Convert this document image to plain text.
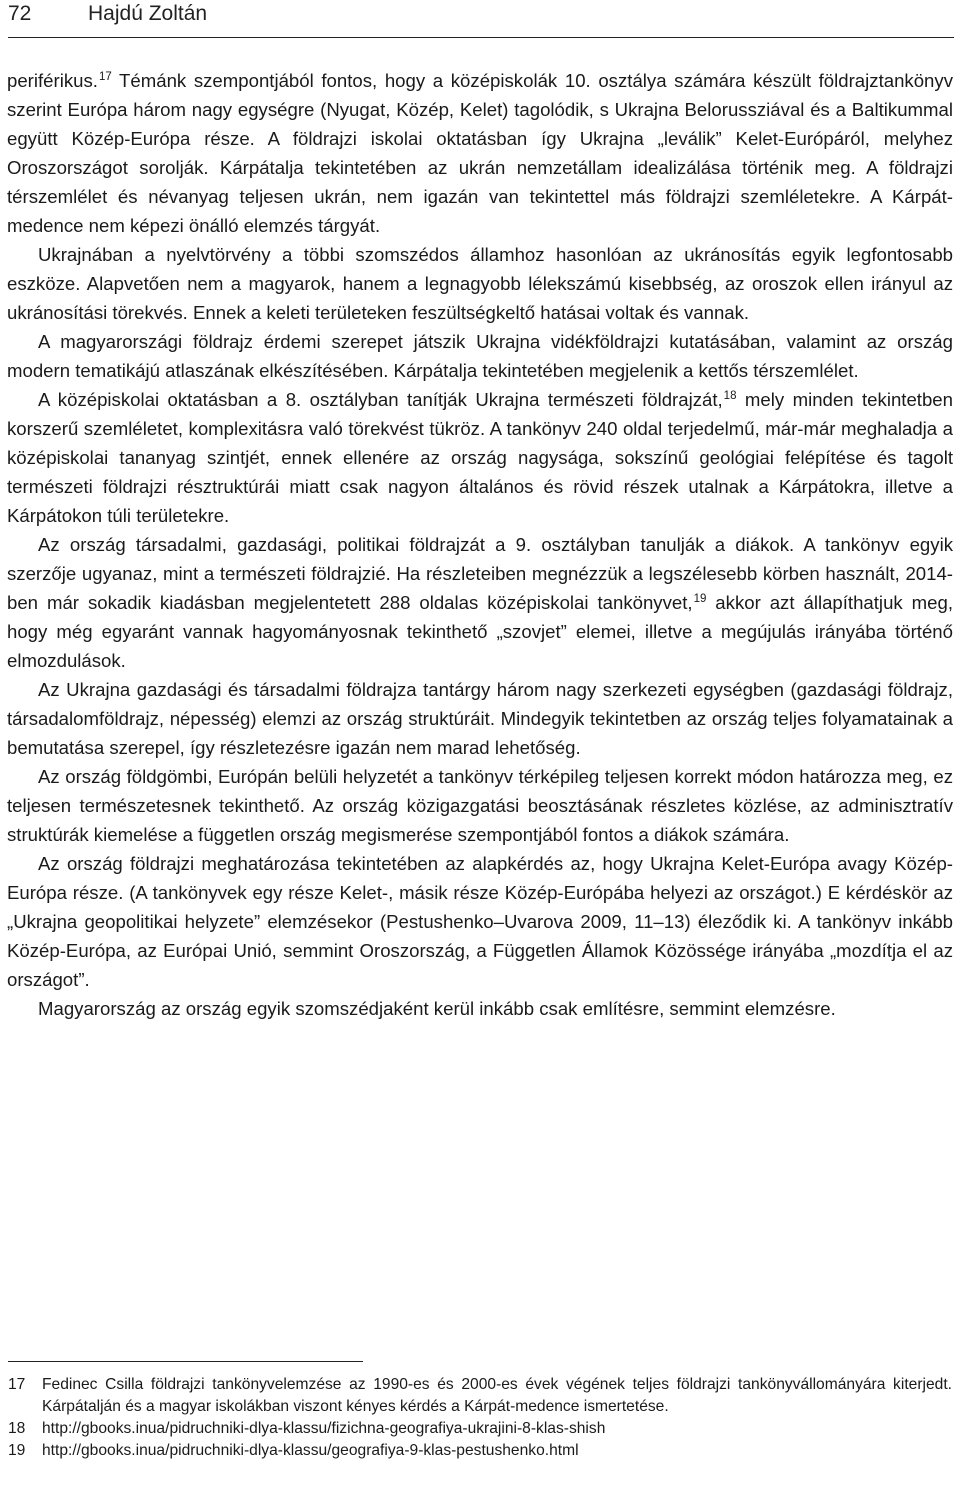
72	Hajdú Zoltán

periférikus.$^{17}$ Témánk szempontjából fontos, hogy a középiskolák 10. osztálya számára készült földrajztankönyv szerint Európa három nagy egységre (Nyugat, Közép, Kelet) tagolódik, s Ukrajna Belorussziával és a Baltikummal együtt Közép-Európa része. A földrajzi iskolai oktatásban így Ukrajna „leválik” Kelet-Európáról, melyhez Oroszországot sorolják. Kárpátalja tekintetében az ukrán nemzetállam idealizálása történik meg. A földrajzi térszemlélet és névanyag teljesen ukrán, nem igazán van tekintettel más földrajzi szemléletekre. A Kárpát-medence nem képezi önálló elemzés tárgyát.

Ukrajnában a nyelvtörvény a többi szomszédos államhoz hasonlóan az ukránosítás egyik legfontosabb eszköze. Alapvetően nem a magyarok, hanem a legnagyobb lélekszámú kisebbség, az oroszok ellen irányul az ukránosítási törekvés. Ennek a keleti területeken feszültségkeltő hatásai voltak és vannak.

A magyarországi földrajz érdemi szerepet játszik Ukrajna vidékföldrajzi kutatásában, valamint az ország modern tematikájú atlaszának elkészítésében. Kárpátalja tekintetében megjelenik a kettős térszemlélet.

A középiskolai oktatásban a 8. osztályban tanítják Ukrajna természeti földrajzát,$^{18}$ mely minden tekintetben korszerű szemléletet, komplexitásra való törekvést tükröz. A tankönyv 240 oldal terjedelmű, már-már meghaladja a középiskolai tananyag szintjét, ennek ellenére az ország nagysága, sokszínű geológiai felépítése és tagolt természeti földrajzi résztruktúrái miatt csak nagyon általános és rövid részek utalnak a Kárpátokra, illetve a Kárpátokon túli területekre.

Az ország társadalmi, gazdasági, politikai földrajzát a 9. osztályban tanulják a diákok. A tankönyv egyik szerzője ugyanaz, mint a természeti földrajzié. Ha részleteiben megnézzük a legszélesebb körben használt, 2014-ben már sokadik kiadásban megjelentetett 288 oldalas középiskolai tankönyvet,$^{19}$ akkor azt állapíthatjuk meg, hogy még egyaránt vannak hagyományosnak tekinthető „szovjet” elemei, illetve a megújulás irányába történő elmozdulások.

Az Ukrajna gazdasági és társadalmi földrajza tantárgy három nagy szerkezeti egységben (gazdasági földrajz, társadalomföldrajz, népesség) elemzi az ország struktúráit. Mindegyik tekintetben az ország teljes folyamatainak a bemutatása szerepel, így részletezésre igazán nem marad lehetőség.

Az ország földgömbi, Európán belüli helyzetét a tankönyv térképileg teljesen korrekt módon határozza meg, ez teljesen természetesnek tekinthető. Az ország közigazgatási beosztásának részletes közlése, az adminisztratív struktúrák kiemelése a független ország megismerése szempontjából fontos a diákok számára.

Az ország földrajzi meghatározása tekintetében az alapkérdés az, hogy Ukrajna Kelet-Európa avagy Közép-Európa része. (A tankönyvek egy része Kelet-, másik része Közép-Európába helyezi az országot.) E kérdéskör az „Ukrajna geopolitikai helyzete” elemzésekor (Pestushenko–Uvarova 2009, 11–13) éleződik ki. A tankönyv inkább Közép-Európa, az Európai Unió, semmint Oroszország, a Független Államok Közössége irányába „mozdítja el az országot”.

Magyarország az ország egyik szomszédjaként kerül inkább csak említésre, semmint elemzésre.

17	Fedinec Csilla földrajzi tankönyvelemzése az 1990-es és 2000-es évek végének teljes földrajzi tankönyvállományára kiterjedt. Kárpátalján és a magyar iskolákban viszont kényes kérdés a Kárpát-medence ismertetése.
18	http://gbooks.inua/pidruchniki-dlya-klassu/fizichna-geografiya-ukrajini-8-klas-shish
19	http://gbooks.inua/pidruchniki-dlya-klassu/geografiya-9-klas-pestushenko.html
